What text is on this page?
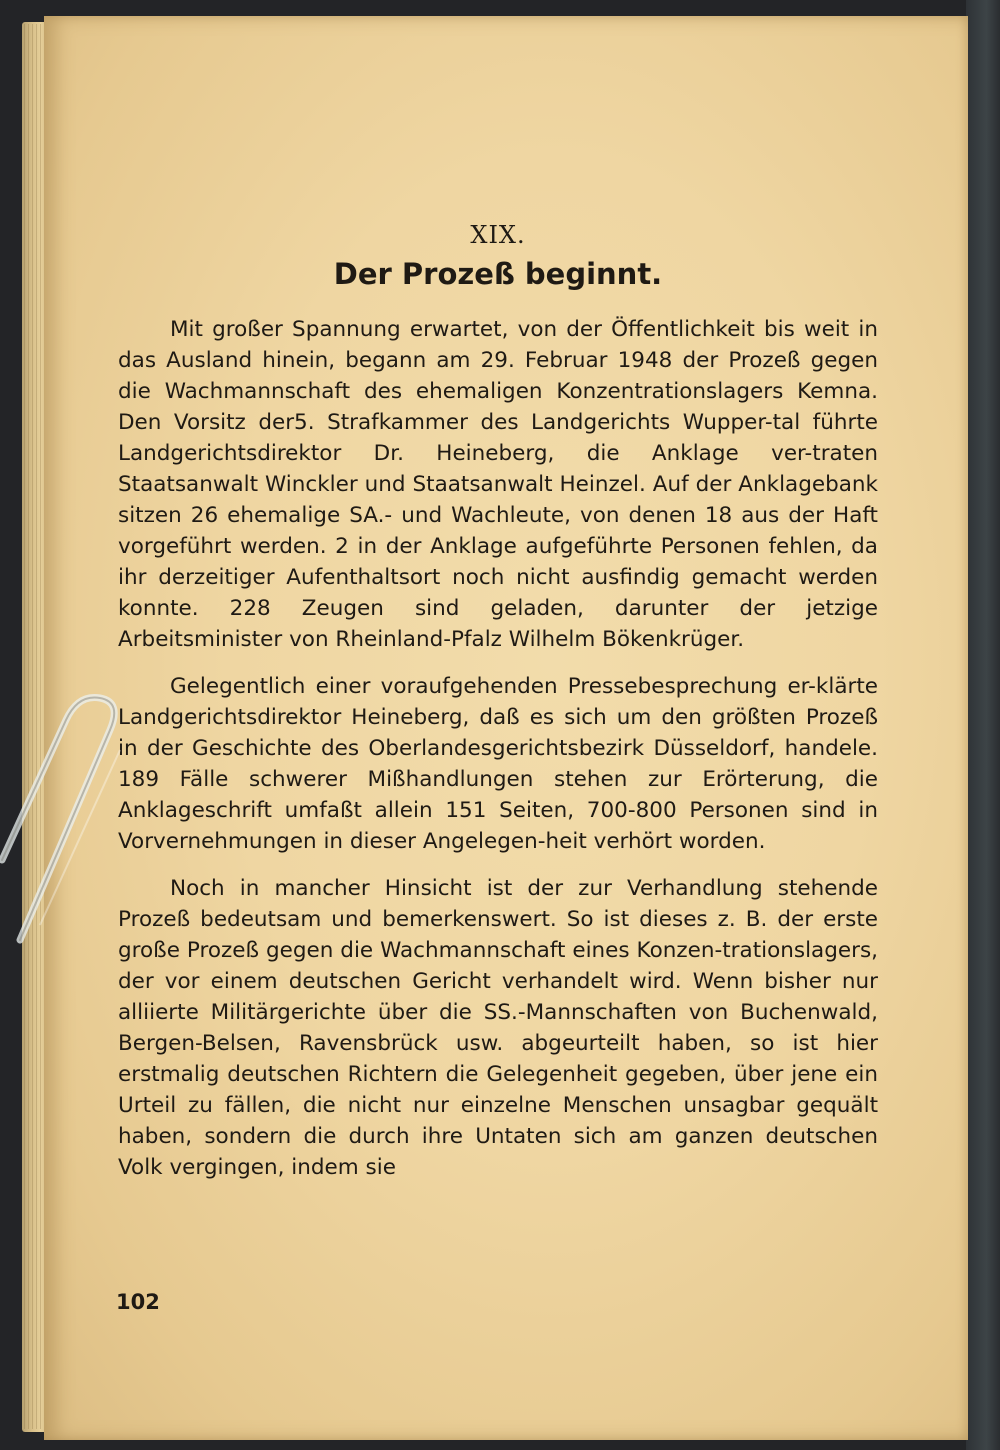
XIX.
Der Prozeß beginnt.

Mit großer Spannung erwartet, von der Öffentlichkeit bis weit in das Ausland hinein, begann am 29. Februar 1948 der Prozeß gegen die Wachmannschaft des ehemaligen Konzentrationslagers Kemna. Den Vorsitz der5. Strafkammer des Landgerichts Wupper-tal führte Landgerichtsdirektor Dr. Heineberg, die Anklage ver-traten Staatsanwalt Winckler und Staatsanwalt Heinzel. Auf der Anklagebank sitzen 26 ehemalige SA.- und Wachleute, von denen 18 aus der Haft vorgeführt werden. 2 in der Anklage aufgeführte Personen fehlen, da ihr derzeitiger Aufenthaltsort noch nicht ausfindig gemacht werden konnte. 228 Zeugen sind geladen, darunter der jetzige Arbeitsminister von Rheinland-Pfalz Wilhelm Bökenkrüger.

Gelegentlich einer voraufgehenden Pressebesprechung er-klärte Landgerichtsdirektor Heineberg, daß es sich um den größten Prozeß in der Geschichte des Oberlandesgerichtsbezirk Düsseldorf, handele. 189 Fälle schwerer Mißhandlungen stehen zur Erörterung, die Anklageschrift umfaßt allein 151 Seiten, 700-800 Personen sind in Vorvernehmungen in dieser Angelegen-heit verhört worden.

Noch in mancher Hinsicht ist der zur Verhandlung stehende Prozeß bedeutsam und bemerkenswert. So ist dieses z. B. der erste große Prozeß gegen die Wachmannschaft eines Konzen-trationslagers, der vor einem deutschen Gericht verhandelt wird. Wenn bisher nur alliierte Militärgerichte über die SS.-Mannschaften von Buchenwald, Bergen-Belsen, Ravensbrück usw. abgeurteilt haben, so ist hier erstmalig deutschen Richtern die Gelegenheit gegeben, über jene ein Urteil zu fällen, die nicht nur einzelne Menschen unsagbar gequält haben, sondern die durch ihre Untaten sich am ganzen deutschen Volk vergingen, indem sie

102
